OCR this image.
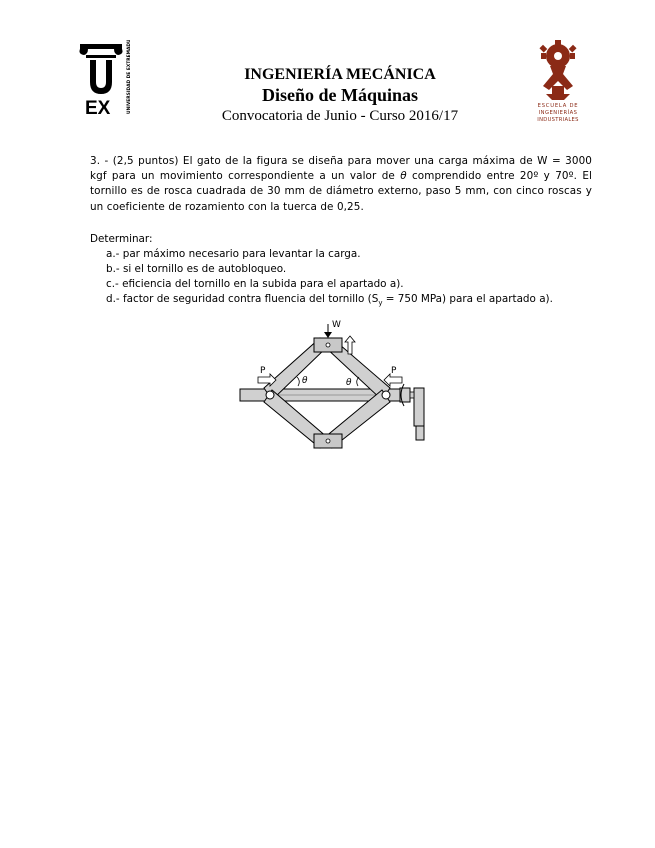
EX	UNIVERSIDAD DE EXTREMADURA	ESCUELA DE
INGENIERÍAS
INDUSTRIALES

INGENIERÍA MECÁNICA

Diseño de Máquinas

Convocatoria de Junio - Curso 2016/17

3. - (2,5 puntos) El gato de la figura se diseña para mover una carga máxima de W = 3000 kgf para un movimiento correspondiente a un valor de θ comprendido entre 20º y 70º. El tornillo es de rosca cuadrada de 30 mm de diámetro externo, paso 5 mm, con cinco roscas y un coeficiente de rozamiento con la tuerca de 0,25.
Determinar:
a.- par máximo necesario para levantar la carga.
b.- si el tornillo es de autobloqueo.
c.- eficiencia del tornillo en la subida para el apartado a).
d.- factor de seguridad contra fluencia del tornillo ($S_y = 750$ MPa) para el apartado a).
W
P	P
θ	θ
